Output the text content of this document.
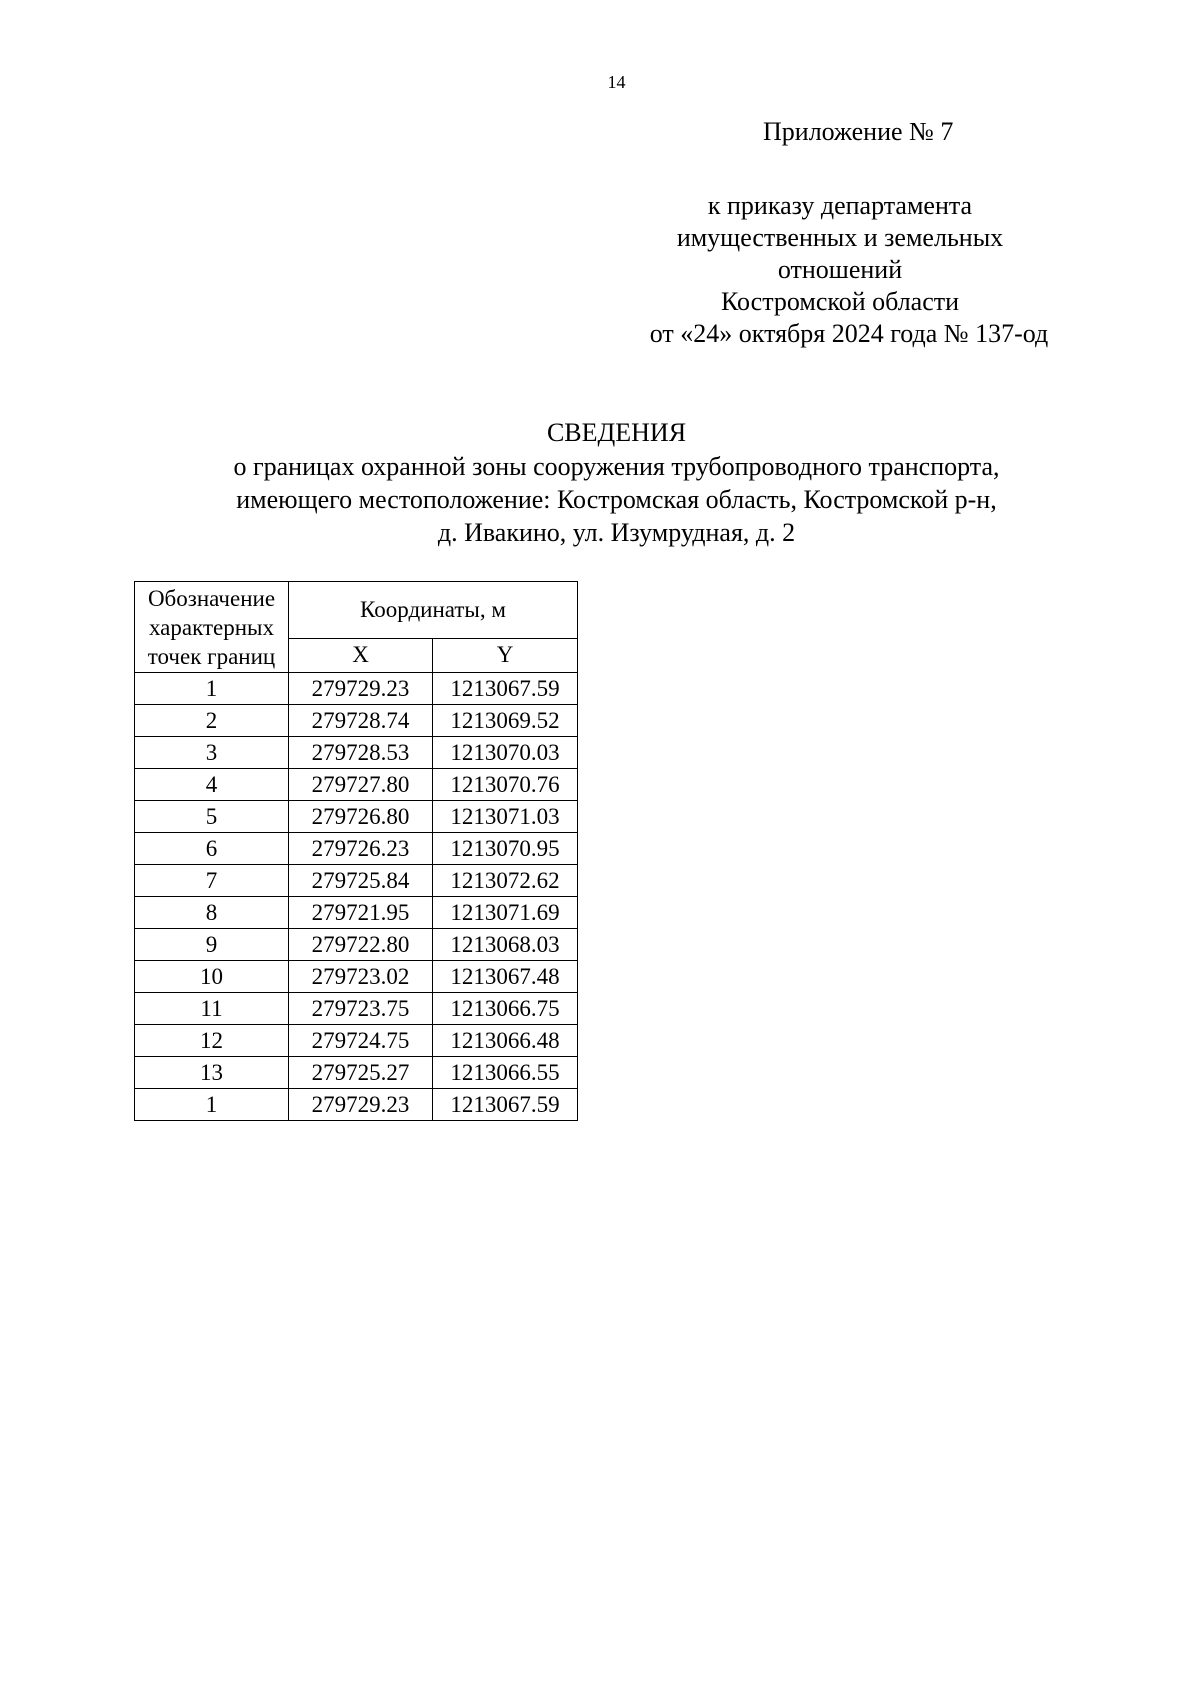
14
Приложение № 7
к приказу департамента
имущественных и земельных
отношений
Костромской области
от «24» октября 2024 года № 137-од
СВЕДЕНИЯ
о границах охранной зоны сооружения трубопроводного транспорта,
имеющего местоположение: Костромская область, Костромской р-н,
д. Ивакино, ул. Изумрудная, д. 2
Обозначение
характерных
точек границ	Координаты, м	
	X	Y
1	279729.23	1213067.59
2	279728.74	1213069.52
3	279728.53	1213070.03
4	279727.80	1213070.76
5	279726.80	1213071.03
6	279726.23	1213070.95
7	279725.84	1213072.62
8	279721.95	1213071.69
9	279722.80	1213068.03
10	279723.02	1213067.48
11	279723.75	1213066.75
12	279724.75	1213066.48
13	279725.27	1213066.55
1	279729.23	1213067.59
